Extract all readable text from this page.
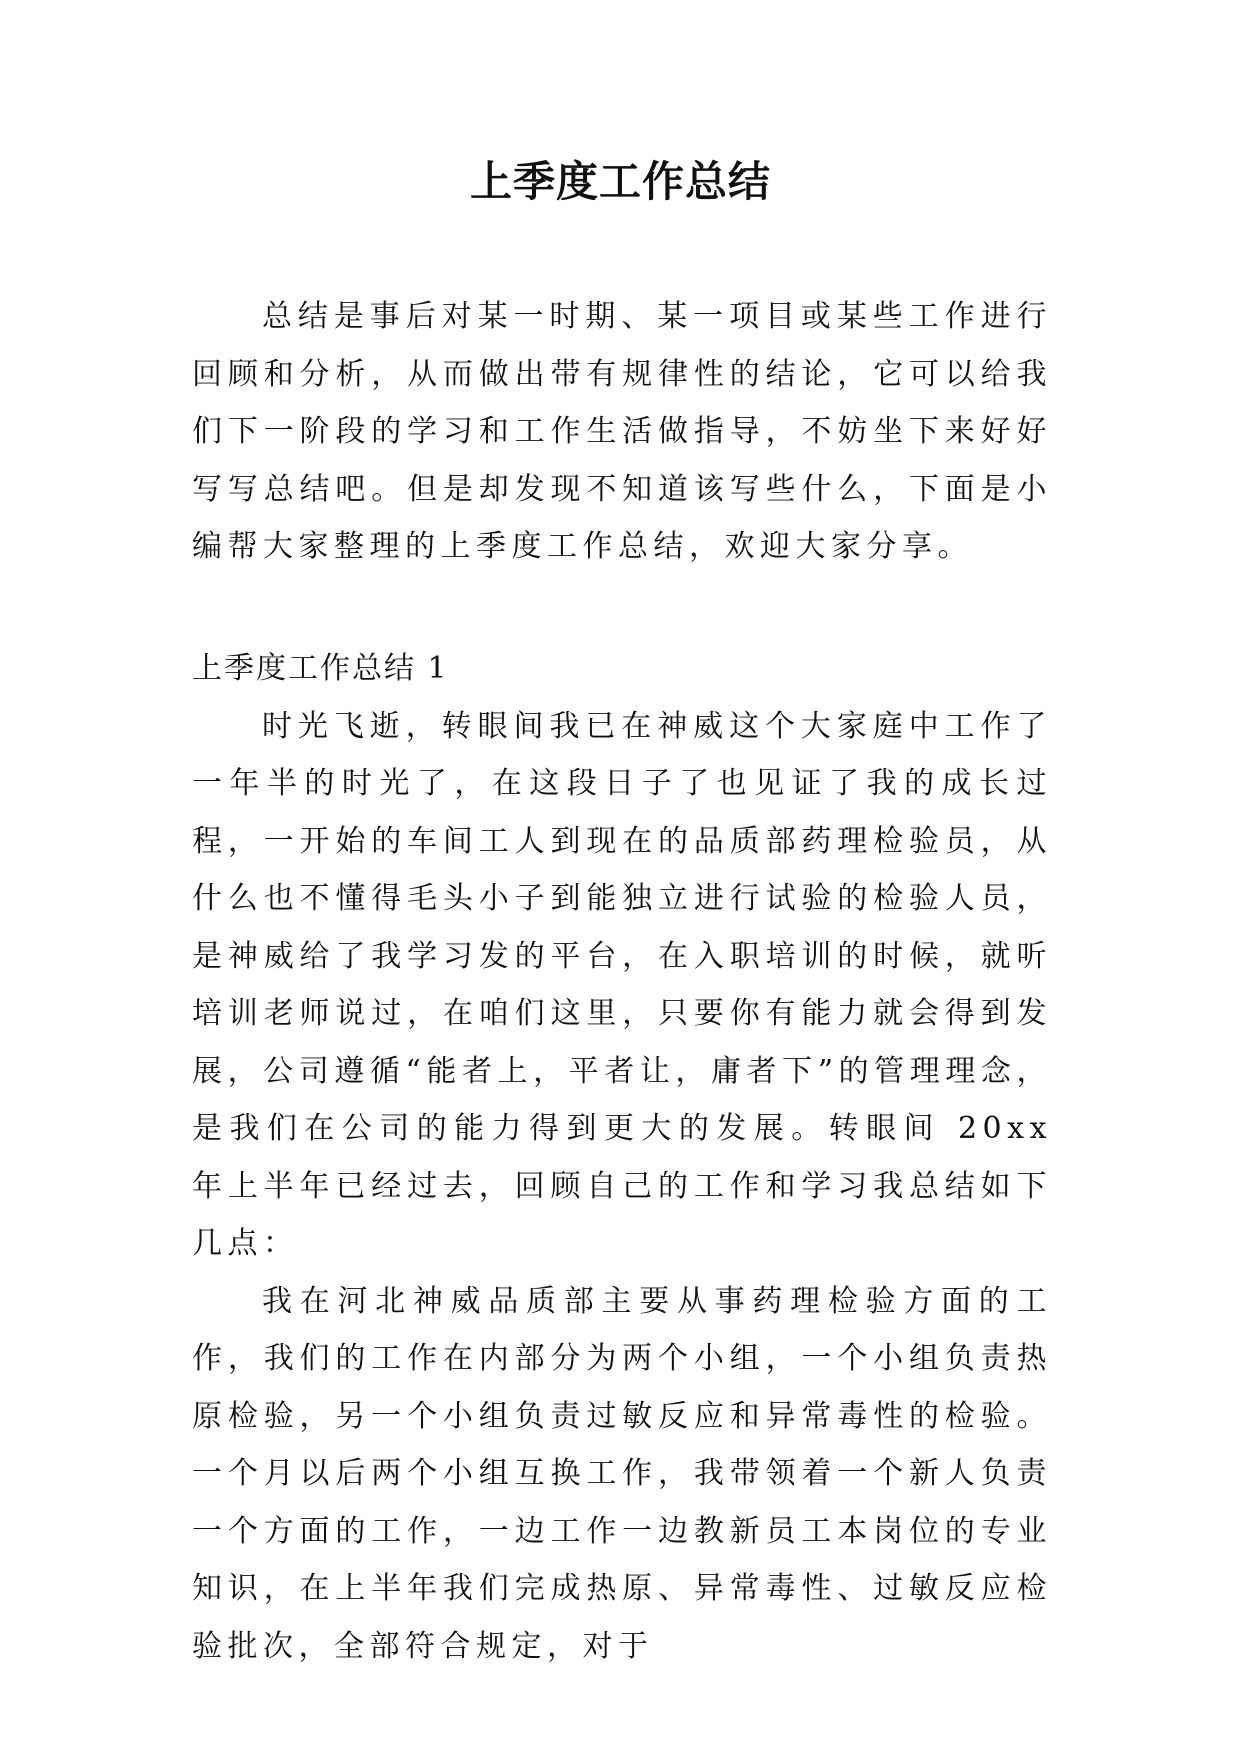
上季度工作总结

总结是事后对某一时期、某一项目或某些工作进行回顾和分析，从而做出带有规律性的结论，它可以给我们下一阶段的学习和工作生活做指导，不妨坐下来好好写写总结吧。但是却发现不知道该写些什么，下面是小编帮大家整理的上季度工作总结，欢迎大家分享。

上季度工作总结 1

时光飞逝，转眼间我已在神威这个大家庭中工作了一年半的时光了，在这段日子了也见证了我的成长过程，一开始的车间工人到现在的品质部药理检验员，从什么也不懂得毛头小子到能独立进行试验的检验人员，是神威给了我学习发的平台，在入职培训的时候，就听培训老师说过，在咱们这里，只要你有能力就会得到发展，公司遵循“能者上，平者让，庸者下”的管理理念，是我们在公司的能力得到更大的发展。转眼间 20xx 年上半年已经过去，回顾自己的工作和学习我总结如下几点：

我在河北神威品质部主要从事药理检验方面的工作，我们的工作在内部分为两个小组，一个小组负责热原检验，另一个小组负责过敏反应和异常毒性的检验。一个月以后两个小组互换工作，我带领着一个新人负责一个方面的工作，一边工作一边教新员工本岗位的专业知识，在上半年我们完成热原、异常毒性、过敏反应检验批次，全部符合规定，对于
